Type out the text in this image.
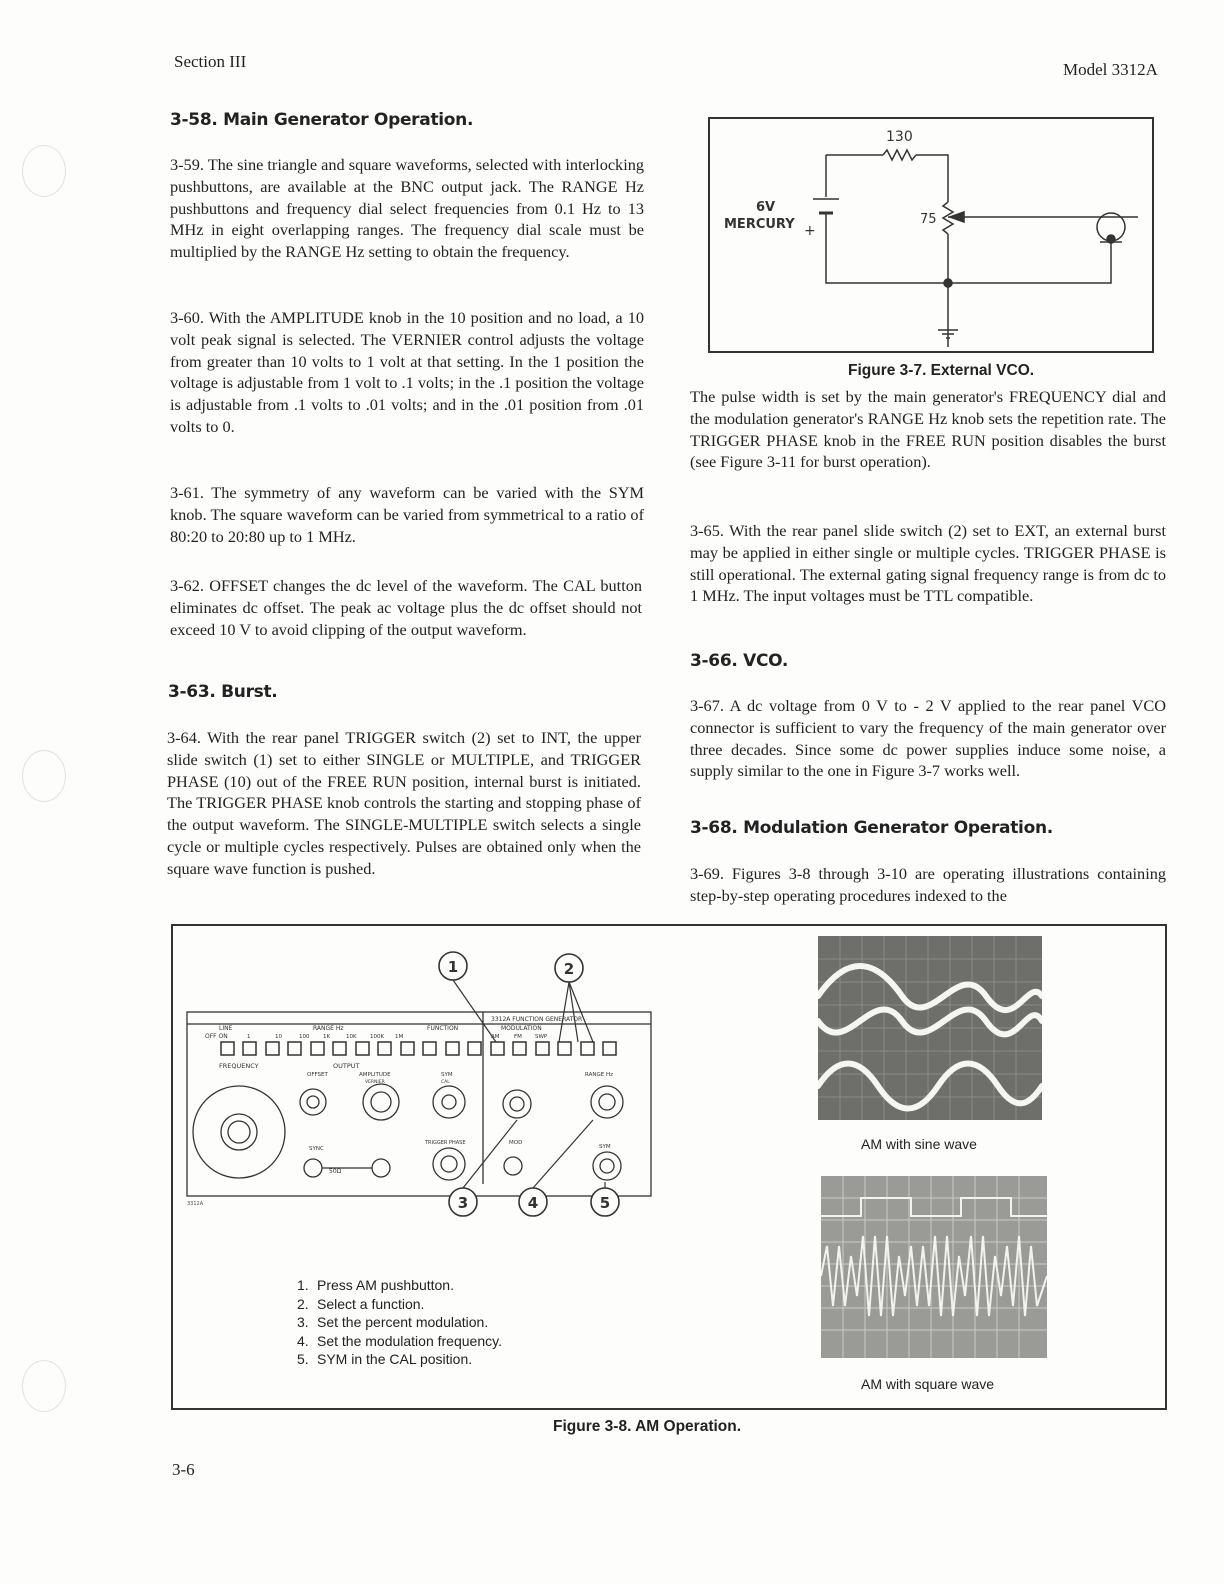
Section III	Model 3312A
3-58. Main Generator Operation.

3-59. The sine triangle and square waveforms, selected with interlocking pushbuttons, are available at the BNC output jack. The RANGE Hz pushbuttons and frequency dial select frequencies from 0.1 Hz to 13 MHz in eight overlapping ranges. The frequency dial scale must be multiplied by the RANGE Hz setting to obtain the frequency.

3-60. With the AMPLITUDE knob in the 10 position and no load, a 10 volt peak signal is selected. The VERNIER control adjusts the voltage from greater than 10 volts to 1 volt at that setting. In the 1 position the voltage is adjustable from 1 volt to .1 volts; in the .1 position the voltage is adjustable from .1 volts to .01 volts; and in the .01 position from .01 volts to 0.

3-61. The symmetry of any waveform can be varied with the SYM knob. The square waveform can be varied from symmetrical to a ratio of 80:20 to 20:80 up to 1 MHz.

3-62. OFFSET changes the dc level of the waveform. The CAL button eliminates dc offset. The peak ac voltage plus the dc offset should not exceed 10 V to avoid clipping of the output waveform.

3-63. Burst.

3-64. With the rear panel TRIGGER switch (2) set to INT, the upper slide switch (1) set to either SINGLE or MULTIPLE, and TRIGGER PHASE (10) out of the FREE RUN position, internal burst is initiated. The TRIGGER PHASE knob controls the starting and stopping phase of the output waveform. The SINGLE-MULTIPLE switch selects a single cycle or multiple cycles respectively. Pulses are obtained only when the square wave function is pushed.

130
6V
MERCURY +
75
Figure 3-7. External VCO.

The pulse width is set by the main generator's FREQUENCY dial and the modulation generator's RANGE Hz knob sets the repetition rate. The TRIGGER PHASE knob in the FREE RUN position disables the burst (see Figure 3-11 for burst operation).

3-65. With the rear panel slide switch (2) set to EXT, an external burst may be applied in either single or multiple cycles. TRIGGER PHASE is still operational. The external gating signal frequency range is from dc to 1 MHz. The input voltages must be TTL compatible.

3-66. VCO.

3-67. A dc voltage from 0 V to - 2 V applied to the rear panel VCO connector is sufficient to vary the frequency of the main generator over three decades. Since some dc power supplies induce some noise, a supply similar to the one in Figure 3-7 works well.

3-68. Modulation Generator Operation.

3-69. Figures 3-8 through 3-10 are operating illustrations containing step-by-step operating procedures indexed to the

3312A FUNCTION GENERATOR
LINE
OFF ON
RANGE Hz	FUNCTION	MODULATION
1	10	100 1K	10K 100K 1M	AM	FM SWP
FREQUENCY	OUTPUT
OFFSET	AMPLITUDE
VERNIER
SYM
CAL
SYNC
50Ω
TRIGGER PHASE	MOD
RANGE Hz
SYM
3312A
1	2
3	4	5
1. Press AM pushbutton.
2. Select a function.
3. Set the percent modulation.
4. Set the modulation frequency.
5. SYM in the CAL position.
AM with sine wave
AM with square wave
Figure 3-8. AM Operation.
3-6
